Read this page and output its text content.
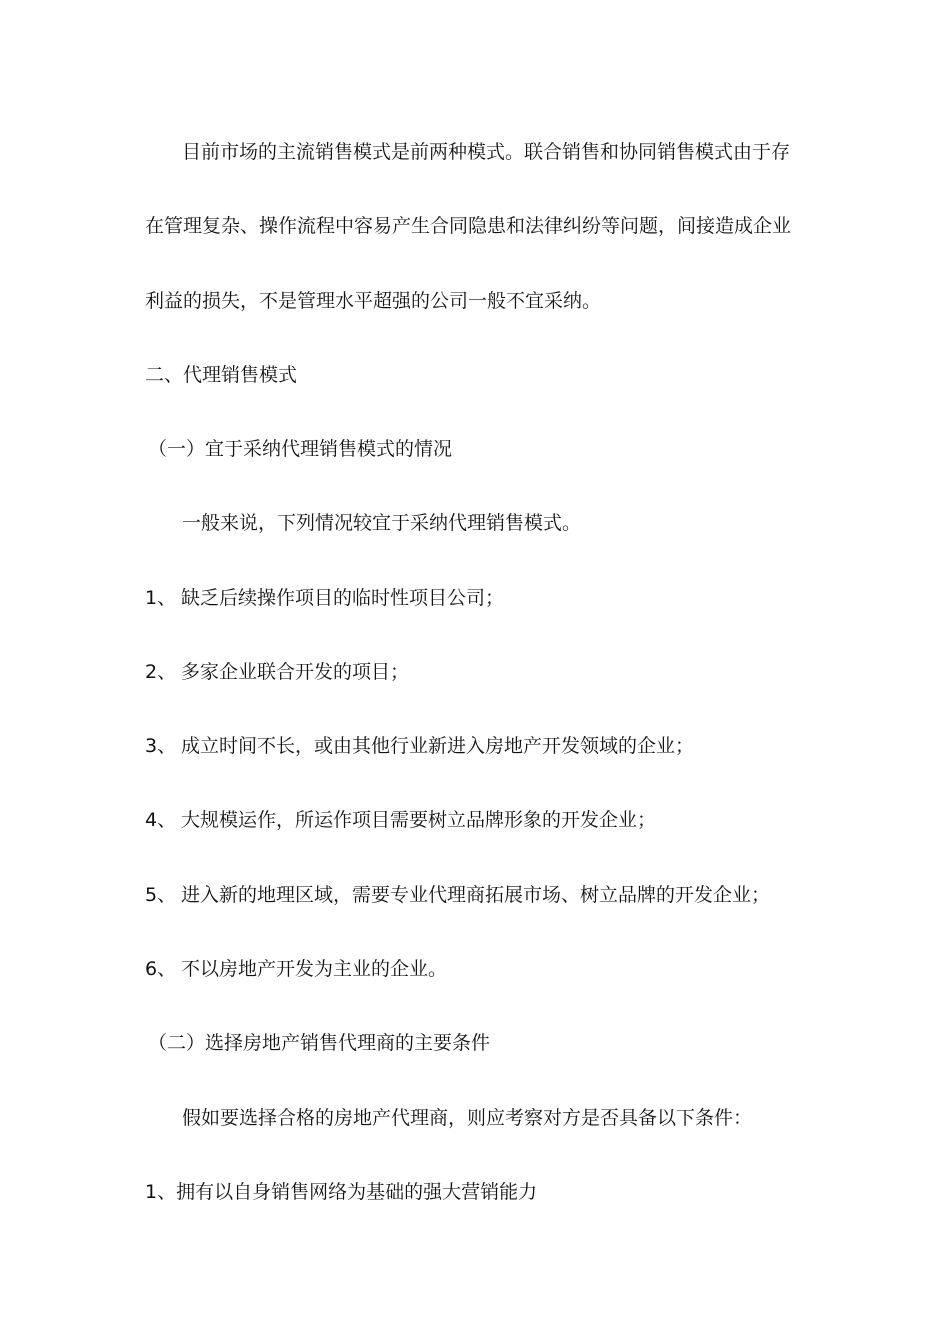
目前市场的主流销售模式是前两种模式。联合销售和协同销售模式由于存
在管理复杂、操作流程中容易产生合同隐患和法律纠纷等问题，间接造成企业
利益的损失，不是管理水平超强的公司一般不宜采纳。
二、代理销售模式
（一）宜于采纳代理销售模式的情况
一般来说，下列情况较宜于采纳代理销售模式。
1、 缺乏后续操作项目的临时性项目公司；
2、 多家企业联合开发的项目；
3、 成立时间不长，或由其他行业新进入房地产开发领域的企业；
4、 大规模运作，所运作项目需要树立品牌形象的开发企业；
5、 进入新的地理区域，需要专业代理商拓展市场、树立品牌的开发企业；
6、 不以房地产开发为主业的企业。
（二）选择房地产销售代理商的主要条件
假如要选择合格的房地产代理商，则应考察对方是否具备以下条件：
1、拥有以自身销售网络为基础的强大营销能力
